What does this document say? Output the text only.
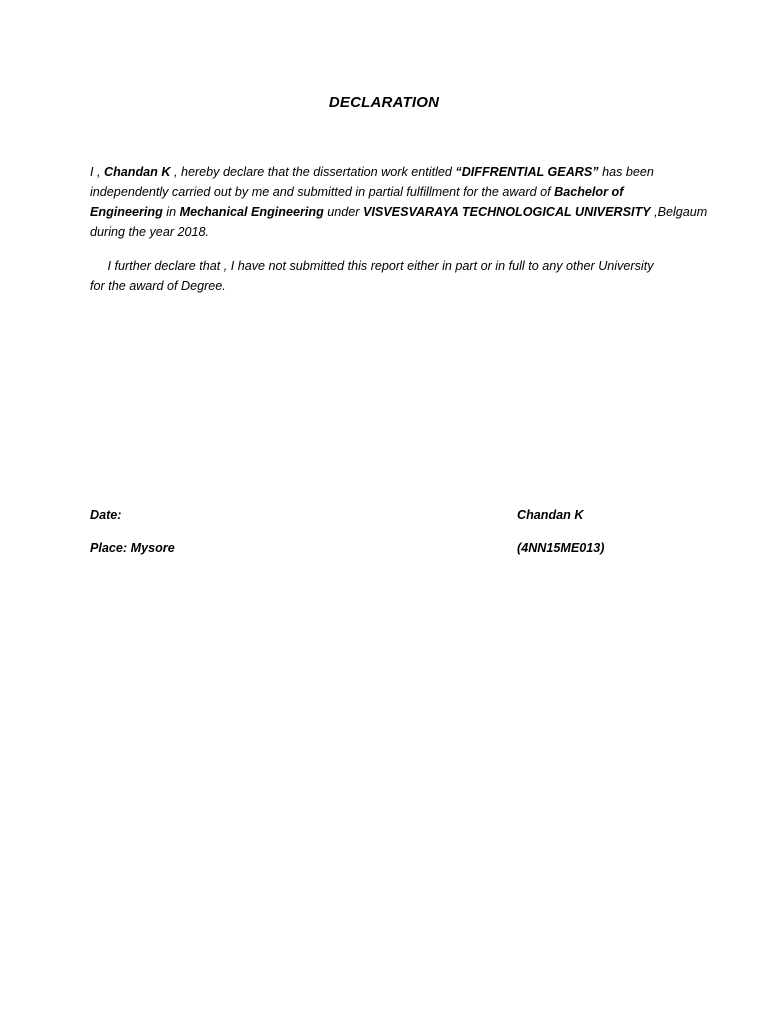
DECLARATION
I , Chandan K , hereby declare that the dissertation work entitled “DIFFRENTIAL GEARS” has been
independently carried out by me and submitted in partial fulfillment for the award of Bachelor of
Engineering in Mechanical Engineering under VISVESVARAYA TECHNOLOGICAL UNIVERSITY ,Belgaum
during the year 2018.
I further declare that , I have not submitted this report either in part or in full to any other University
for the award of Degree.
Date:
Place: Mysore
Chandan K
(4NN15ME013)
